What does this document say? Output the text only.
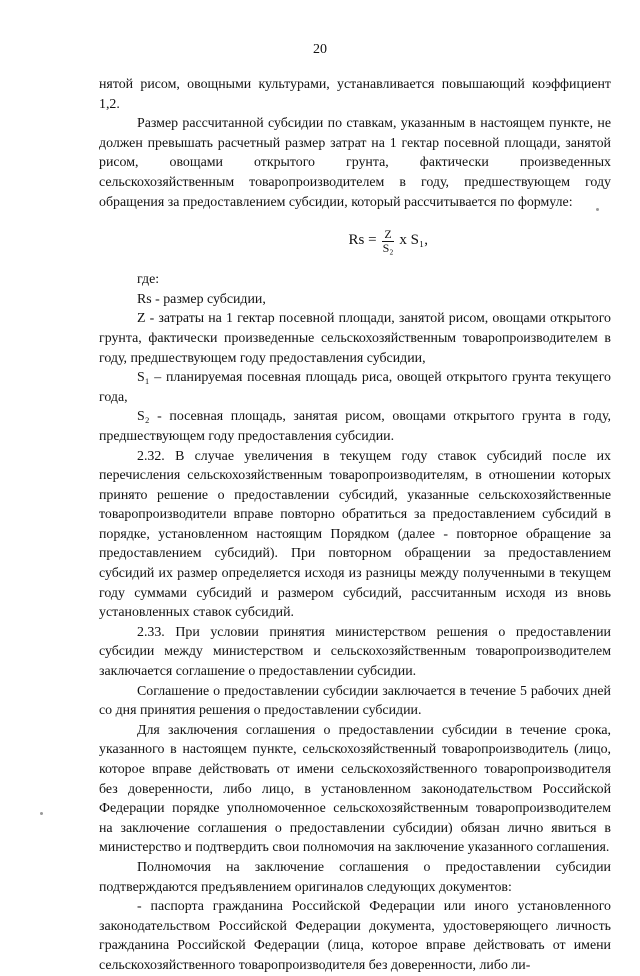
20

нятой рисом, овощными культурами, устанавливается повышающий коэффициент 1,2.

Размер рассчитанной субсидии по ставкам, указанным в настоящем пункте, не должен превышать расчетный размер затрат на 1 гектар посевной площади, занятой рисом, овощами открытого грунта, фактически произведенных сельскохозяйственным товаропроизводителем в году, предшествующем году обращения за предоставлением субсидии, который рассчитывается по формуле:

$Rs = \frac{Z}{\text{S₂}}$ x S₁,

где:

Rs - размер субсидии,

Z - затраты на 1 гектар посевной площади, занятой рисом, овощами открытого грунта, фактически произведенные сельскохозяйственным товаропроизводителем в году, предшествующем году предоставления субсидии,

S₁ – планируемая посевная площадь риса, овощей открытого грунта текущего года,

S₂ - посевная площадь, занятая рисом, овощами открытого грунта в году, предшествующем году предоставления субсидии.

2.32. В случае увеличения в текущем году ставок субсидий после их перечисления сельскохозяйственным товаропроизводителям, в отношении которых принято решение о предоставлении субсидий, указанные сельскохозяйственные товаропроизводители вправе повторно обратиться за предоставлением субсидий в порядке, установленном настоящим Порядком (далее - повторное обращение за предоставлением субсидий). При повторном обращении за предоставлением субсидий их размер определяется исходя из разницы между полученными в текущем году суммами субсидий и размером субсидий, рассчитанным исходя из вновь установленных ставок субсидий.

2.33. При условии принятия министерством решения о предоставлении субсидии между министерством и сельскохозяйственным товаропроизводителем заключается соглашение о предоставлении субсидии.

Соглашение о предоставлении субсидии заключается в течение 5 рабочих дней со дня принятия решения о предоставлении субсидии.

Для заключения соглашения о предоставлении субсидии в течение срока, указанного в настоящем пункте, сельскохозяйственный товаропроизводитель (лицо, которое вправе действовать от имени сельскохозяйственного товаропроизводителя без доверенности, либо лицо, в установленном законодательством Российской Федерации порядке уполномоченное сельскохозяйственным товаропроизводителем на заключение соглашения о предоставлении субсидии) обязан лично явиться в министерство и подтвердить свои полномочия на заключение указанного соглашения.

Полномочия на заключение соглашения о предоставлении субсидии подтверждаются предъявлением оригиналов следующих документов:

- паспорта гражданина Российской Федерации или иного установленного законодательством Российской Федерации документа, удостоверяющего личность гражданина Российской Федерации (лица, которое вправе действовать от имени сельскохозяйственного товаропроизводителя без доверенности, либо ли-
